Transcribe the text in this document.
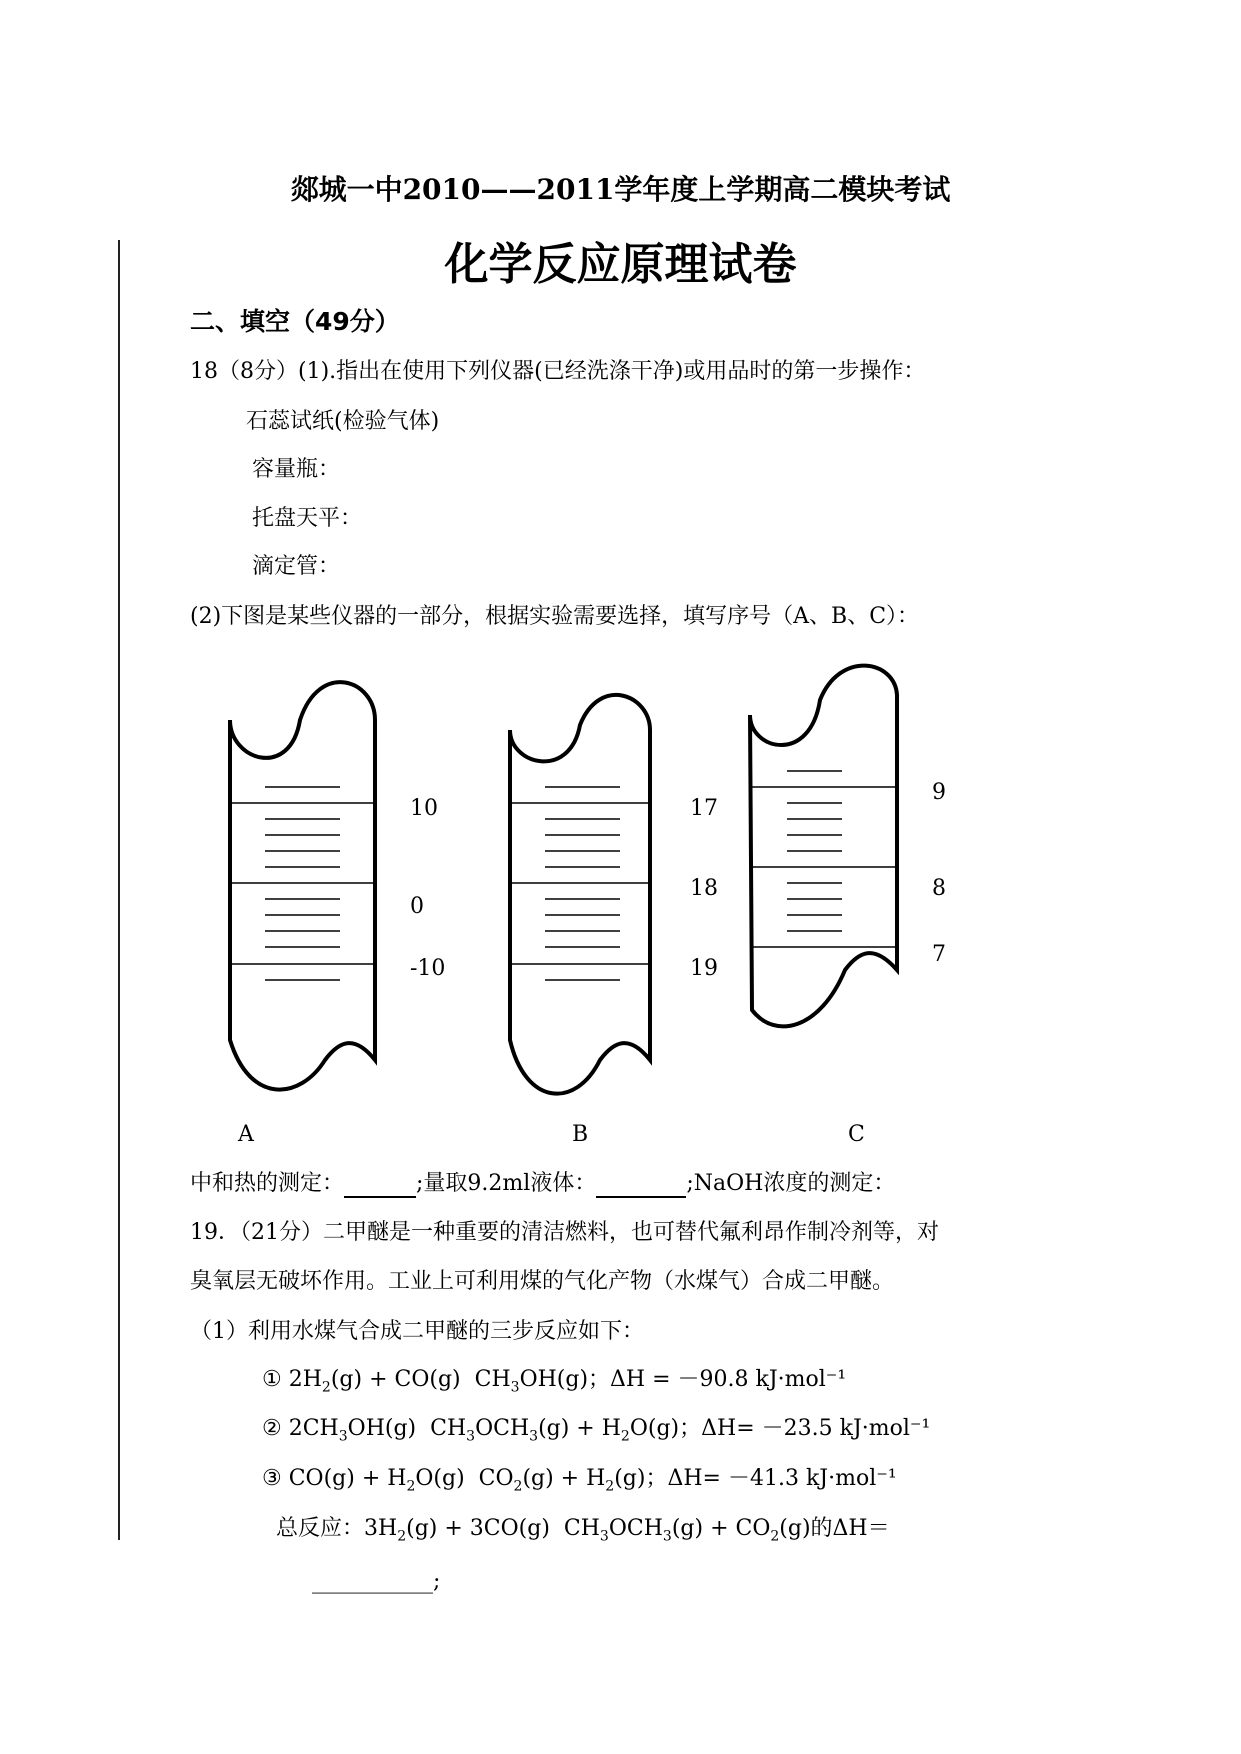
郯城一中2010——2011学年度上学期高二模块考试
化学反应原理试卷
二、填空（49分）
18（8分）(1).指出在使用下列仪器(已经洗涤干净)或用品时的第一步操作：
石蕊试纸(检验气体)
容量瓶：
托盘天平：
滴定管：
(2)下图是某些仪器的一部分，根据实验需要选择，填写序号（A、B、C）：
10
0
-10
17
18
19
9
8
7
A	B	C
中和热的测定：	;量取9.2ml液体：	;NaOH浓度的测定：
19．（21分）二甲醚是一种重要的清洁燃料，也可替代氟利昂作制冷剂等，对
臭氧层无破坏作用。工业上可利用煤的气化产物（水煤气）合成二甲醚。
（1）利用水煤气合成二甲醚的三步反应如下：
① $2H_2(g) + CO(g)$  $CH_3OH(g)$；ΔH = －90.8 kJ·mol⁻¹
② $2CH_3OH(g) CH_3OCH_3(g) + H_2O(g)$；ΔH= －23.5 kJ·mol⁻¹
③ $CO(g) + H_2O(g) CO_2(g) + H_2(g)$；ΔH= －41.3 kJ·mol⁻¹
总反应：$3H_2(g) + 3CO(g) CH_3OCH_3(g) + CO_2(g)$的ΔH＝
___________;
